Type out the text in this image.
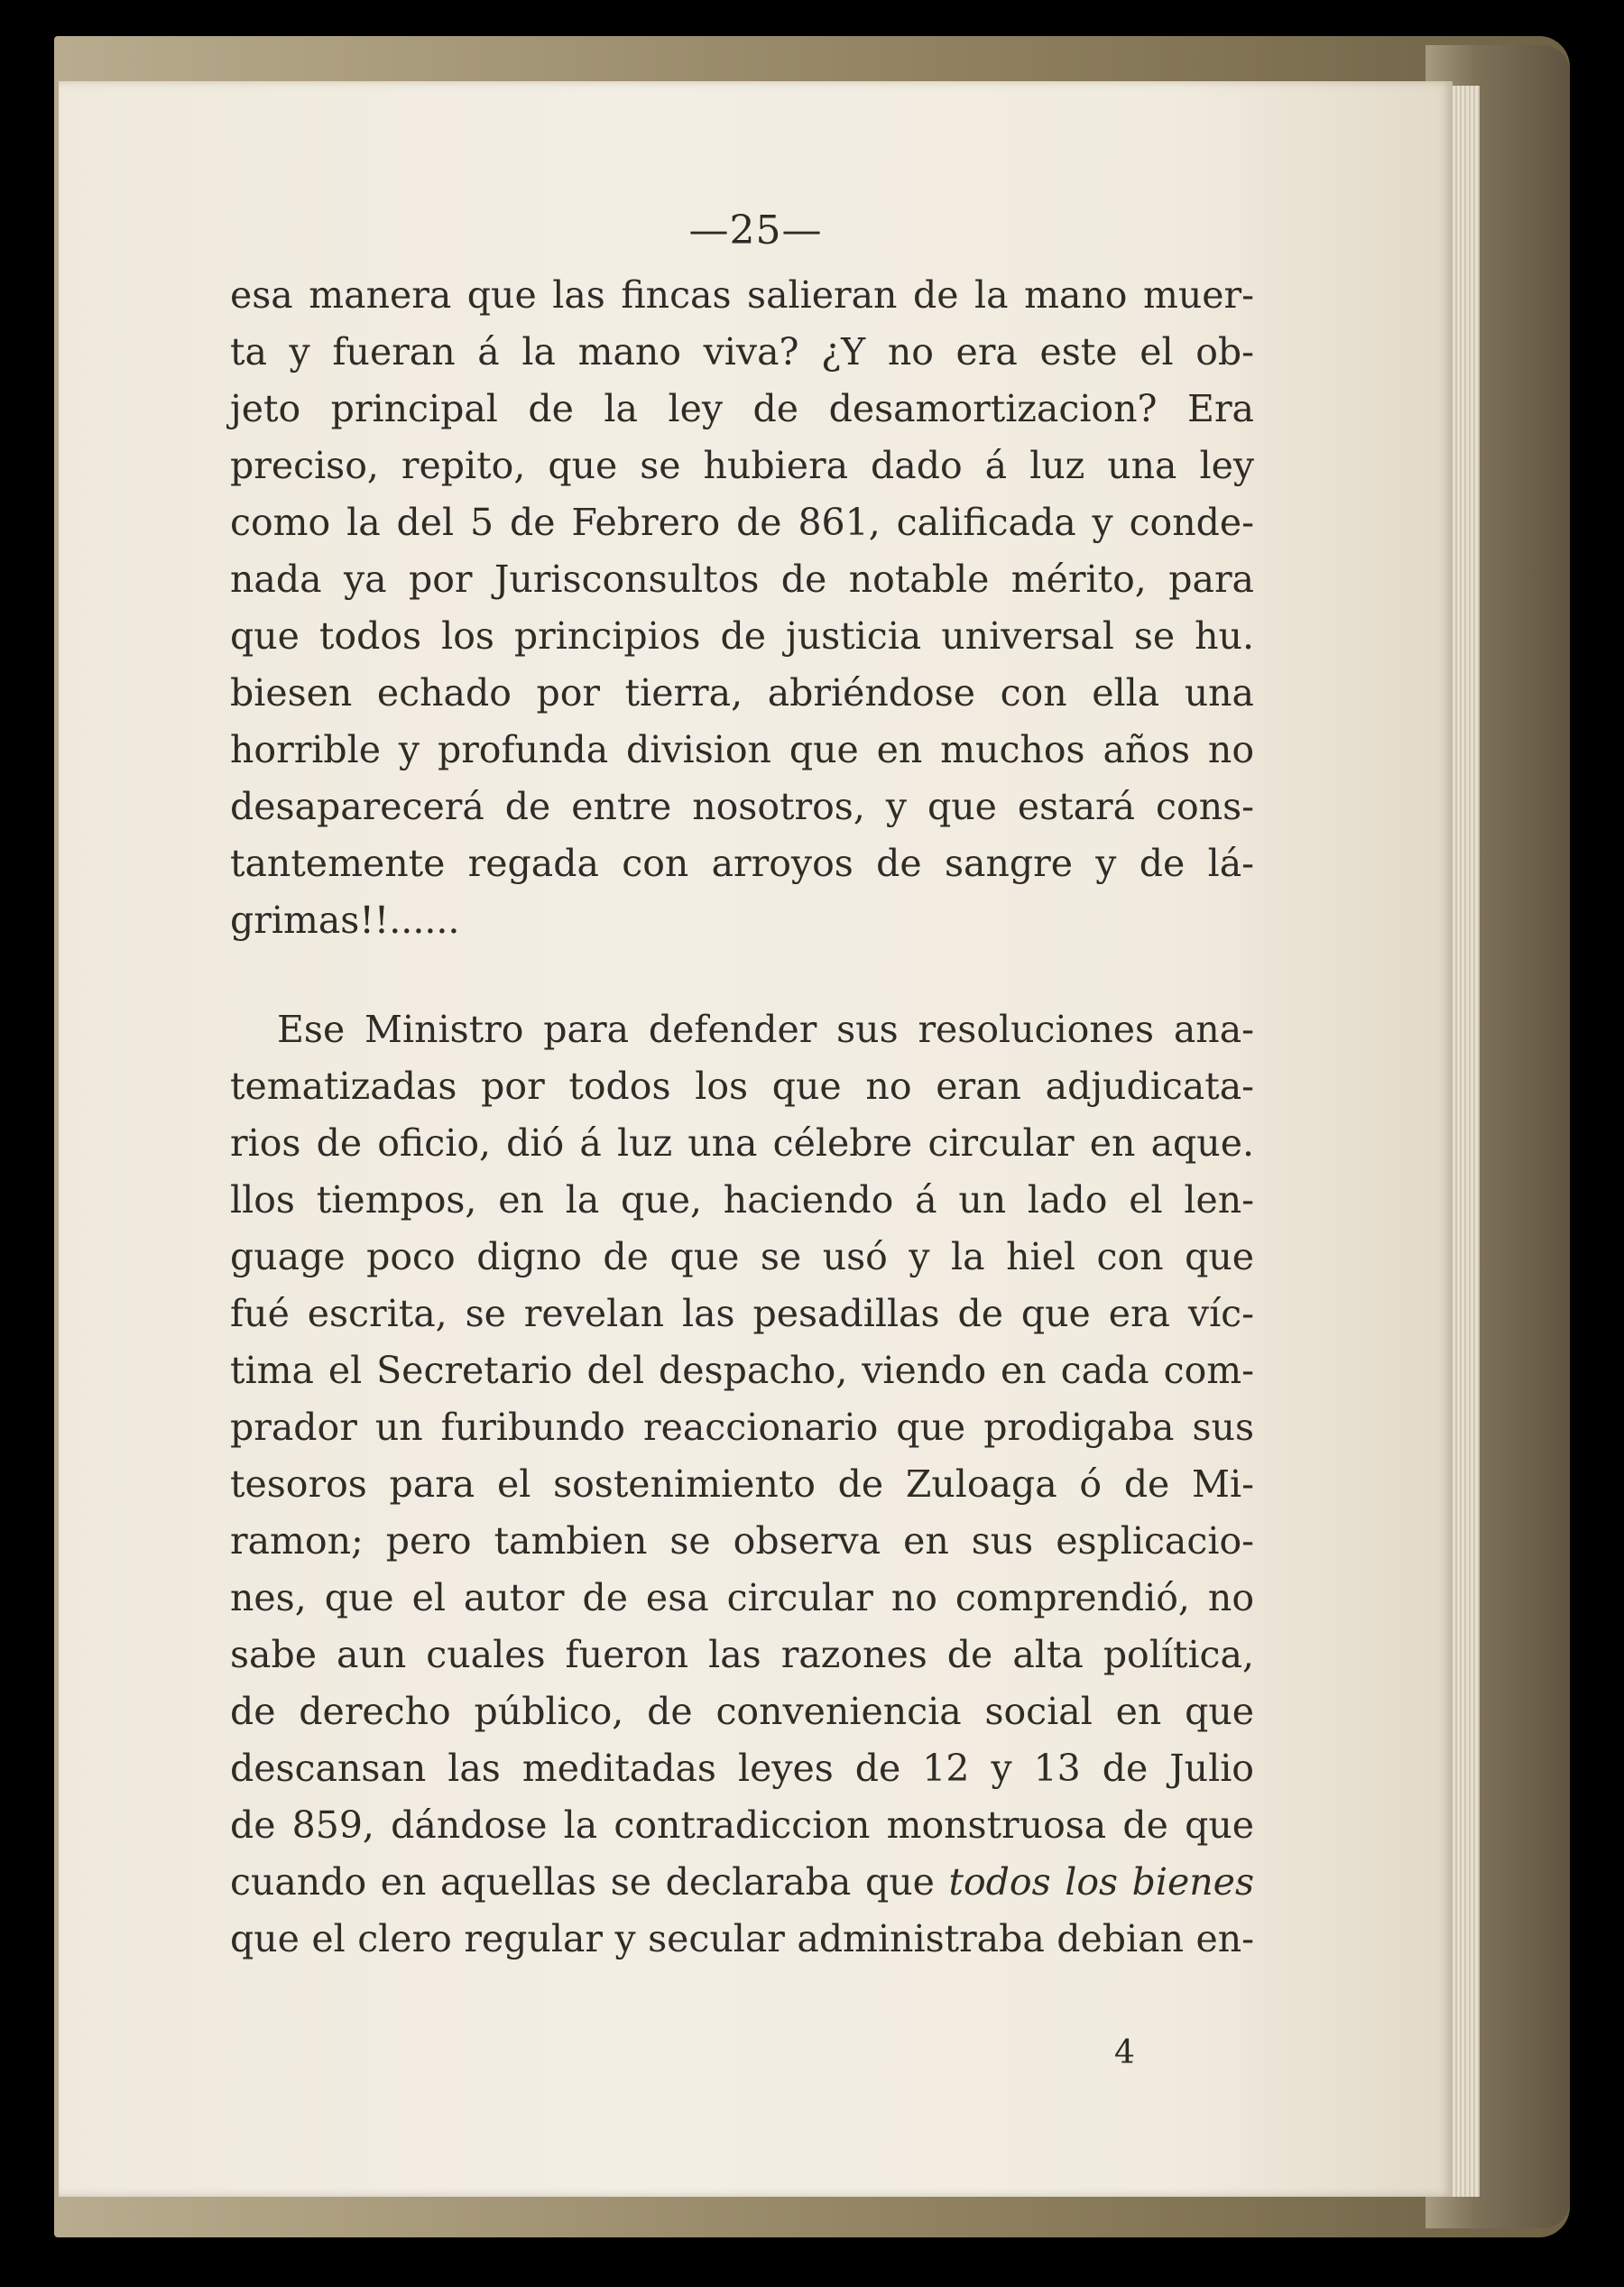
—25—
esa manera que las fincas salieran de la mano muer-
ta y fueran á la mano viva? ¿Y no era este el ob-
jeto principal de la ley de desamortizacion? Era
preciso, repito, que se hubiera dado á luz una ley
como la del 5 de Febrero de 861, calificada y conde-
nada ya por Jurisconsultos de notable mérito, para
que todos los principios de justicia universal se hu.
biesen echado por tierra, abriéndose con ella una
horrible y profunda division que en muchos años no
desaparecerá de entre nosotros, y que estará cons-
tantemente regada con arroyos de sangre y de lá-
grimas!!......
Ese Ministro para defender sus resoluciones ana-
tematizadas por todos los que no eran adjudicata-
rios de oficio, dió á luz una célebre circular en aque.
llos tiempos, en la que, haciendo á un lado el len-
guage poco digno de que se usó y la hiel con que
fué escrita, se revelan las pesadillas de que era víc-
tima el Secretario del despacho, viendo en cada com-
prador un furibundo reaccionario que prodigaba sus
tesoros para el sostenimiento de Zuloaga ó de Mi-
ramon; pero tambien se observa en sus esplicacio-
nes, que el autor de esa circular no comprendió, no
sabe aun cuales fueron las razones de alta política,
de derecho público, de conveniencia social en que
descansan las meditadas leyes de 12 y 13 de Julio
de 859, dándose la contradiccion monstruosa de que
cuando en aquellas se declaraba que todos los bienes
que el clero regular y secular administraba debian en-
4
